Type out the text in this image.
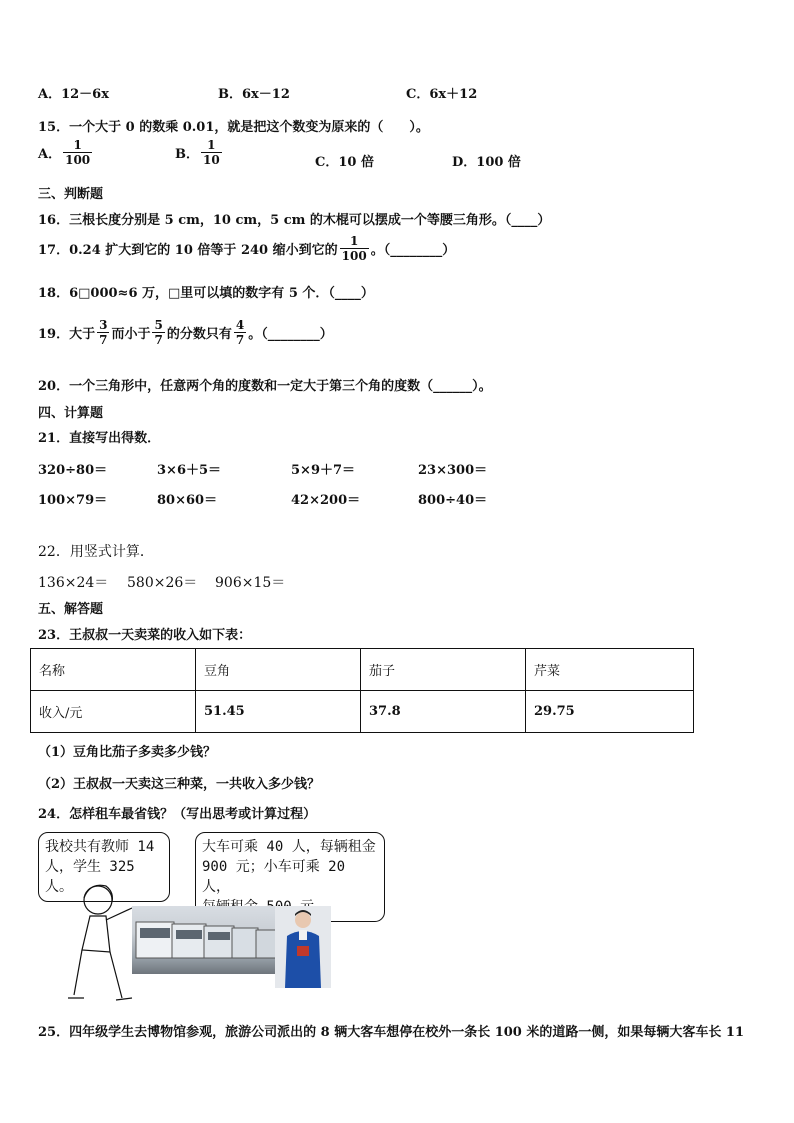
A．12－6x	B．6x－12	C．6x＋12
15．一个大于 0 的数乘 0.01，就是把这个数变为原来的（　　）。
A． $\frac{1}{100}$	B． $\frac{1}{10}$	C．10 倍	D．100 倍
三、判断题
16．三根长度分别是 5 cm，10 cm，5 cm 的木棍可以摆成一个等腰三角形。（____）
17．0.24 扩大到它的 10 倍等于 240 缩小到它的 $\frac{1}{100}$ 。（________）
18．6□000≈6 万，□里可以填的数字有 5 个．（____）
19．大于 $\frac{3}{7}$ 而小于 $\frac{5}{7}$ 的分数只有 $\frac{4}{7}$ 。（________）
20．一个三角形中，任意两个角的度数和一定大于第三个角的度数（______）。
四、计算题
21．直接写出得数．
320÷80＝	3×6＋5＝	5×9＋7＝	23×300＝
100×79＝	80×60＝	42×200＝	800÷40＝
22．用竖式计算．
136×24＝ 580×26＝ 906×15＝
五、解答题
23．王叔叔一天卖菜的收入如下表：
名称	豆角	茄子	芹菜
收入/元	51.45	37.8	29.75
（1）豆角比茄子多卖多少钱？
（2）王叔叔一天卖这三种菜，一共收入多少钱？
24．怎样租车最省钱？（写出思考或计算过程）
我校共有教师 14
人，学生 325 人。
大车可乘 40 人，每辆租金
900 元；小车可乘 20 人，
25．四年级学生去博物馆参观，旅游公司派出的 8 辆大客车想停在校外一条长 100 米的道路一侧，如果每辆大客车长 11
